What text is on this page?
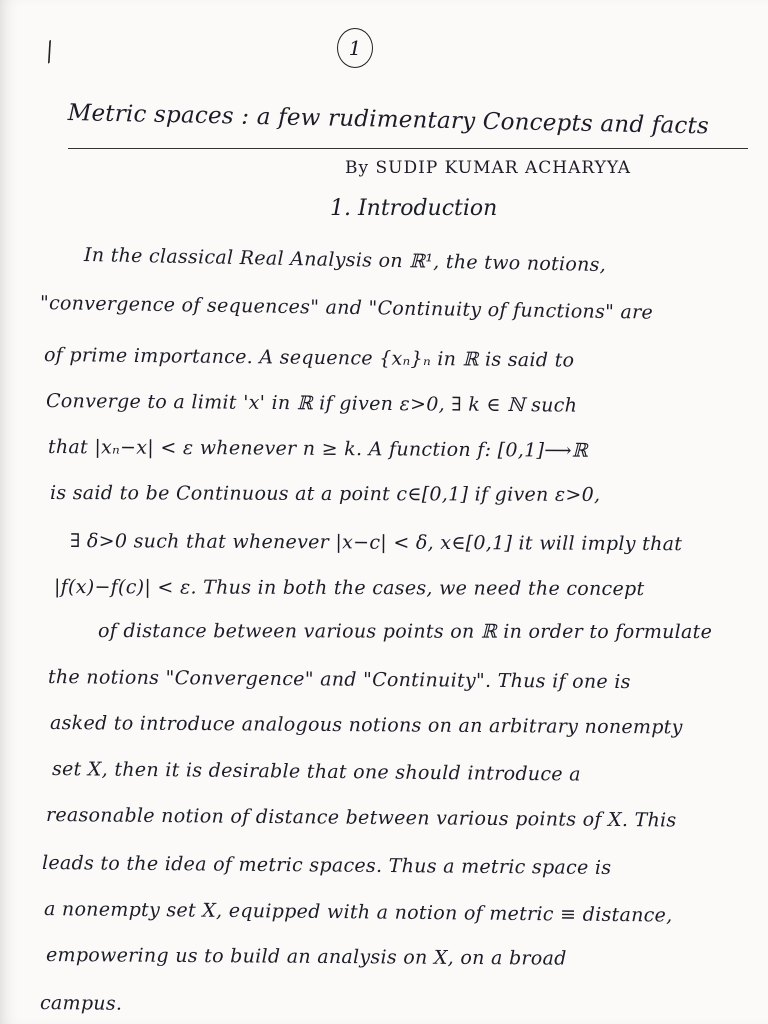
⁄	1
Metric spaces : a few rudimentary Concepts and facts
By SUDIP KUMAR ACHARYYA
1. Introduction
In the classical Real Analysis on ℝ¹, the two notions,
"convergence of sequences" and "Continuity of functions" are
of prime importance. A sequence {xₙ}ₙ in ℝ is said to
Converge to a limit 'x' in ℝ if given ε>0, ∃ k ∈ ℕ such
that |xₙ−x| < ε whenever n ≥ k. A function f: [0,1]⟶ℝ
is said to be Continuous at a point c∈[0,1] if given ε>0,
∃ δ>0 such that whenever |x−c| < δ, x∈[0,1] it will imply that
|f(x)−f(c)| < ε. Thus in both the cases, we need the concept
of distance between various points on ℝ in order to formulate
the notions "Convergence" and "Continuity". Thus if one is
asked to introduce analogous notions on an arbitrary nonempty
set X, then it is desirable that one should introduce a
reasonable notion of distance between various points of X. This
leads to the idea of metric spaces. Thus a metric space is
a nonempty set X, equipped with a notion of metric ≡ distance,
empowering us to build an analysis on X, on a broad
campus.
